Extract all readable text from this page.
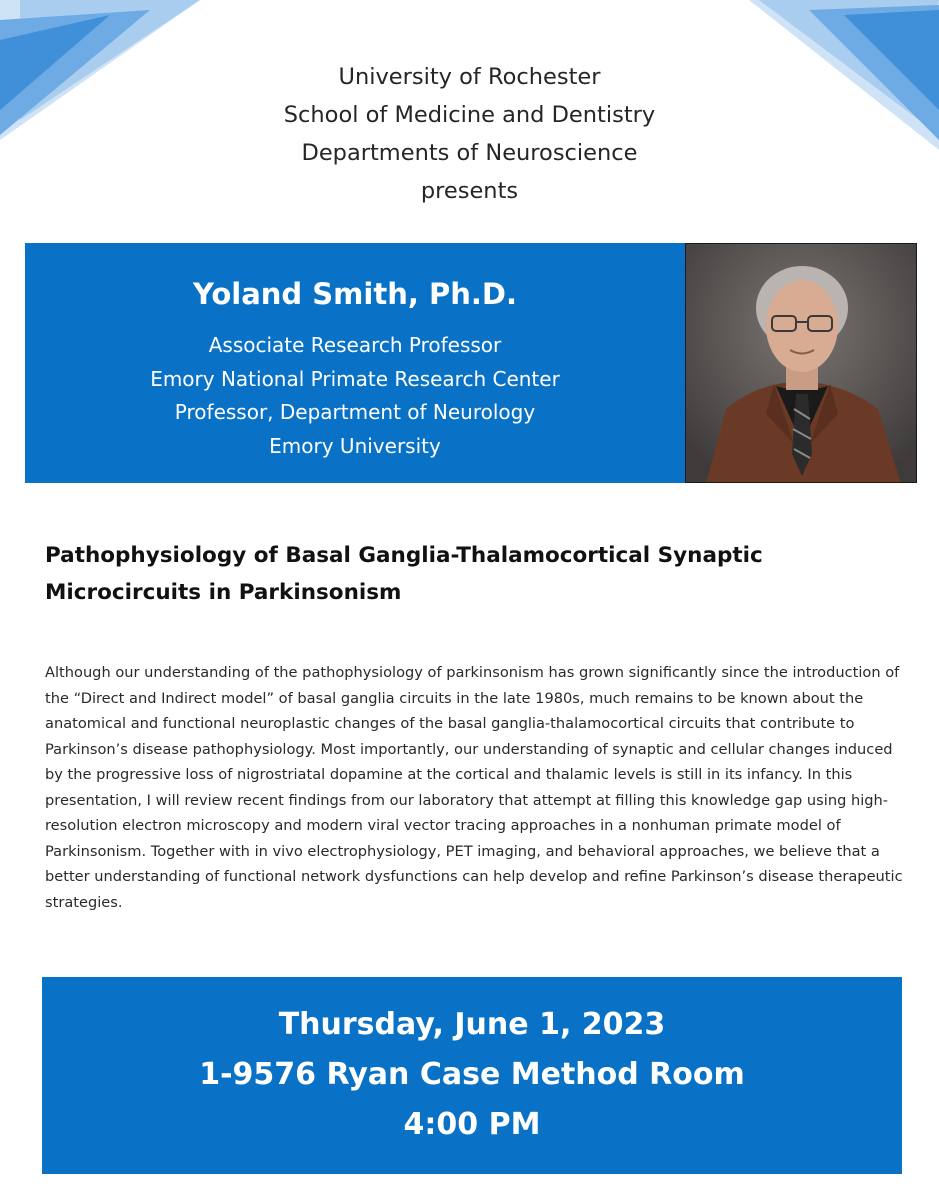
University of Rochester
School of Medicine and Dentistry
Departments of Neuroscience
presents
Yoland Smith, Ph.D.
Associate Research Professor
Emory National Primate Research Center
Professor, Department of Neurology
Emory University
Pathophysiology of Basal Ganglia-Thalamocortical Synaptic
Microcircuits in Parkinsonism
Although our understanding of the pathophysiology of parkinsonism has grown significantly since the introduction of the “Direct and Indirect model” of basal ganglia circuits in the late 1980s, much remains to be known about the anatomical and functional neuroplastic changes of the basal ganglia-thalamocortical circuits that contribute to Parkinson’s disease pathophysiology. Most importantly, our understanding of synaptic and cellular changes induced by the progressive loss of nigrostriatal dopamine at the cortical and thalamic levels is still in its infancy. In this presentation, I will review recent findings from our laboratory that attempt at filling this knowledge gap using high-resolution electron microscopy and modern viral vector tracing approaches in a nonhuman primate model of Parkinsonism. Together with in vivo electrophysiology, PET imaging, and behavioral approaches, we believe that a better understanding of functional network dysfunctions can help develop and refine Parkinson’s disease therapeutic strategies.
Thursday, June 1, 2023
1-9576 Ryan Case Method Room
4:00 PM
